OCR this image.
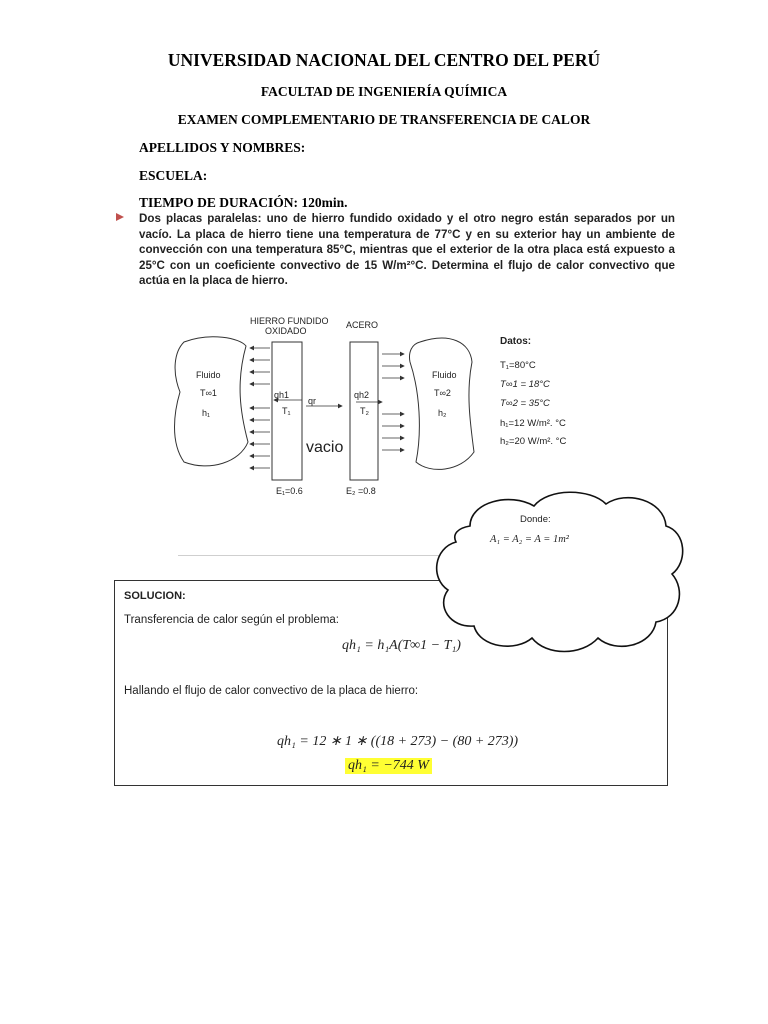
UNIVERSIDAD NACIONAL DEL CENTRO DEL PERÚ
FACULTAD DE INGENIERÍA QUÍMICA
EXAMEN COMPLEMENTARIO DE TRANSFERENCIA DE CALOR
APELLIDOS Y NOMBRES:
ESCUELA:
TIEMPO DE DURACIÓN: 120min.
Dos placas paralelas: uno de hierro fundido oxidado y el otro negro están separados por un vacío. La placa de hierro tiene una temperatura de 77°C y en su exterior hay un ambiente de convección con una temperatura 85°C, mientras que el exterior de la otra placa está expuesto a 25°C con un coeficiente convectivo de 15 W/m²°C. Determina el flujo de calor convectivo que actúa en la placa de hierro.
HIERRO FUNDIDO
OXIDADO
ACERO
Fluido
T∞1
h₁
Fluido
T∞2
h₂
qh1
qr
qh2
T₁	T₂
vacio
E₁=0.6	E₂ =0.8
Datos:
T₁=80°C
T∞1 = 18°C
T∞2 = 35°C
h₁=12 W/m². °C
h₂=20 W/m². °C
SOLUCION:
Transferencia de calor según el problema:
qh₁ = h₁A(T∞1 − T₁)
Hallando el flujo de calor convectivo de la placa de hierro:
qh₁ = 12 ∗ 1 ∗ ((18 + 273) − (80 + 273))
qh₁ = −744 W
Donde:
A₁ = A₂ = A = 1m²
